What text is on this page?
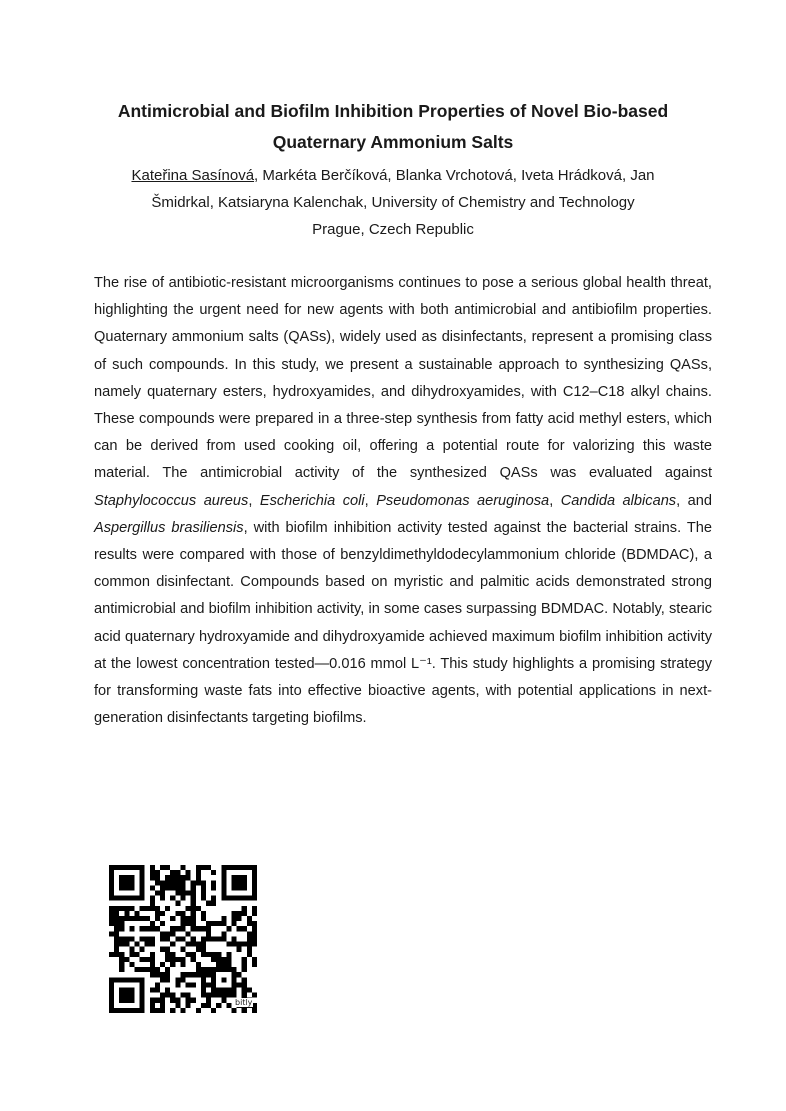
Antimicrobial and Biofilm Inhibition Properties of Novel Bio-based
Quaternary Ammonium Salts

Kateřina Sasínová, Markéta Berčíková, Blanka Vrchotová, Iveta Hrádková, Jan
Šmidrkal, Katsiaryna Kalenchak, University of Chemistry and Technology
Prague, Czech Republic

The rise of antibiotic-resistant microorganisms continues to pose a serious global health threat, highlighting the urgent need for new agents with both antimicrobial and antibiofilm properties. Quaternary ammonium salts (QASs), widely used as disinfectants, represent a promising class of such compounds. In this study, we present a sustainable approach to synthesizing QASs, namely quaternary esters, hydroxyamides, and dihydroxyamides, with C12–C18 alkyl chains. These compounds were prepared in a three-step synthesis from fatty acid methyl esters, which can be derived from used cooking oil, offering a potential route for valorizing this waste material. The antimicrobial activity of the synthesized QASs was evaluated against Staphylococcus aureus, Escherichia coli, Pseudomonas aeruginosa, Candida albicans, and Aspergillus brasiliensis, with biofilm inhibition activity tested against the bacterial strains. The results were compared with those of benzyldimethyldodecylammonium chloride (BDMDAC), a common disinfectant. Compounds based on myristic and palmitic acids demonstrated strong antimicrobial and biofilm inhibition activity, in some cases surpassing BDMDAC. Notably, stearic acid quaternary hydroxyamide and dihydroxyamide achieved maximum biofilm inhibition activity at the lowest concentration tested—0.016 mmol L⁻¹. This study highlights a promising strategy for transforming waste fats into effective bioactive agents, with potential applications in next-generation disinfectants targeting biofilms.

bitly
